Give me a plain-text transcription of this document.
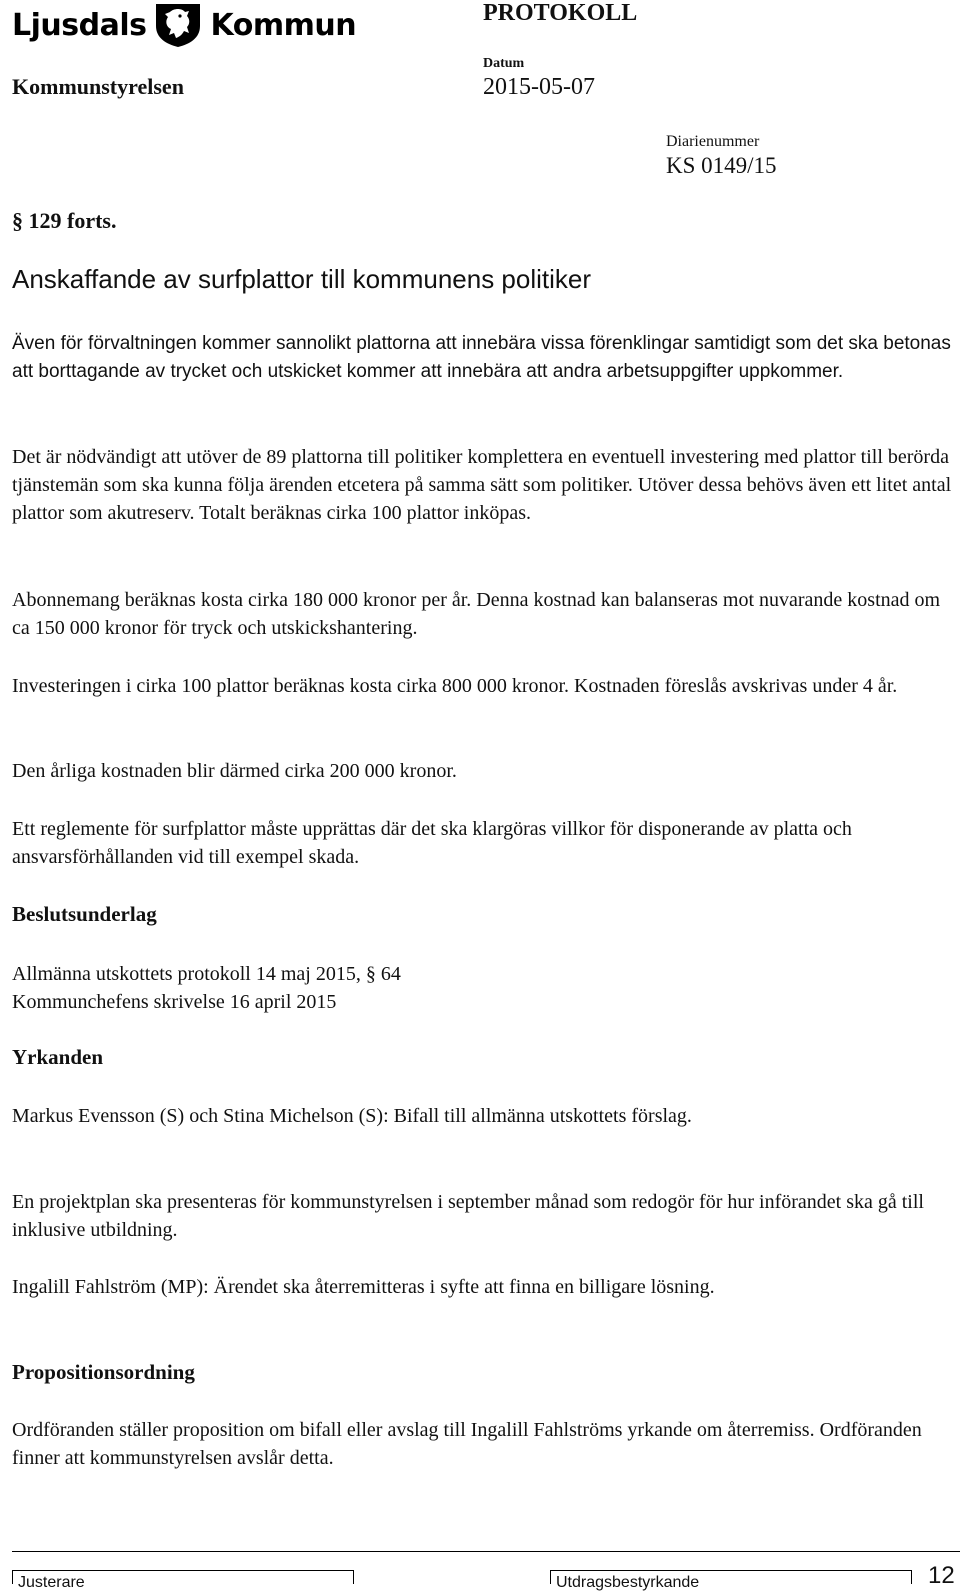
Ljusdals Kommun	PROTOKOLL
Kommunstyrelsen
Datum
2015-05-07
Diarienummer
KS 0149/15
§ 129 forts.
Anskaffande av surfplattor till kommunens politiker
Även för förvaltningen kommer sannolikt plattorna att innebära vissa förenklingar samtidigt som det ska betonas att borttagande av trycket och utskicket kommer att innebära att andra arbetsuppgifter uppkommer.
Det är nödvändigt att utöver de 89 plattorna till politiker komplettera en eventuell investering med plattor till berörda tjänstemän som ska kunna följa ärenden etcetera på samma sätt som politiker. Utöver dessa behövs även ett litet antal plattor som akutreserv. Totalt beräknas cirka 100 plattor inköpas.
Abonnemang beräknas kosta cirka 180 000 kronor per år. Denna kostnad kan balanseras mot nuvarande kostnad om ca 150 000 kronor för tryck och utskickshantering.
Investeringen i cirka 100 plattor beräknas kosta cirka 800 000 kronor. Kostnaden föreslås avskrivas under 4 år.
Den årliga kostnaden blir därmed cirka 200 000 kronor.
Ett reglemente för surfplattor måste upprättas där det ska klargöras villkor för disponerande av platta och ansvarsförhållanden vid till exempel skada.
Beslutsunderlag
Allmänna utskottets protokoll 14 maj 2015, § 64
Kommunchefens skrivelse 16 april 2015
Yrkanden
Markus Evensson (S) och Stina Michelson (S): Bifall till allmänna utskottets förslag.
En projektplan ska presenteras för kommunstyrelsen i september månad som redogör för hur införandet ska gå till inklusive utbildning.
Ingalill Fahlström (MP): Ärendet ska återremitteras i syfte att finna en billigare lösning.
Propositionsordning
Ordföranden ställer proposition om bifall eller avslag till Ingalill Fahlströms yrkande om återremiss. Ordföranden finner att kommunstyrelsen avslår detta.
Justerare	Utdragsbestyrkande	12
